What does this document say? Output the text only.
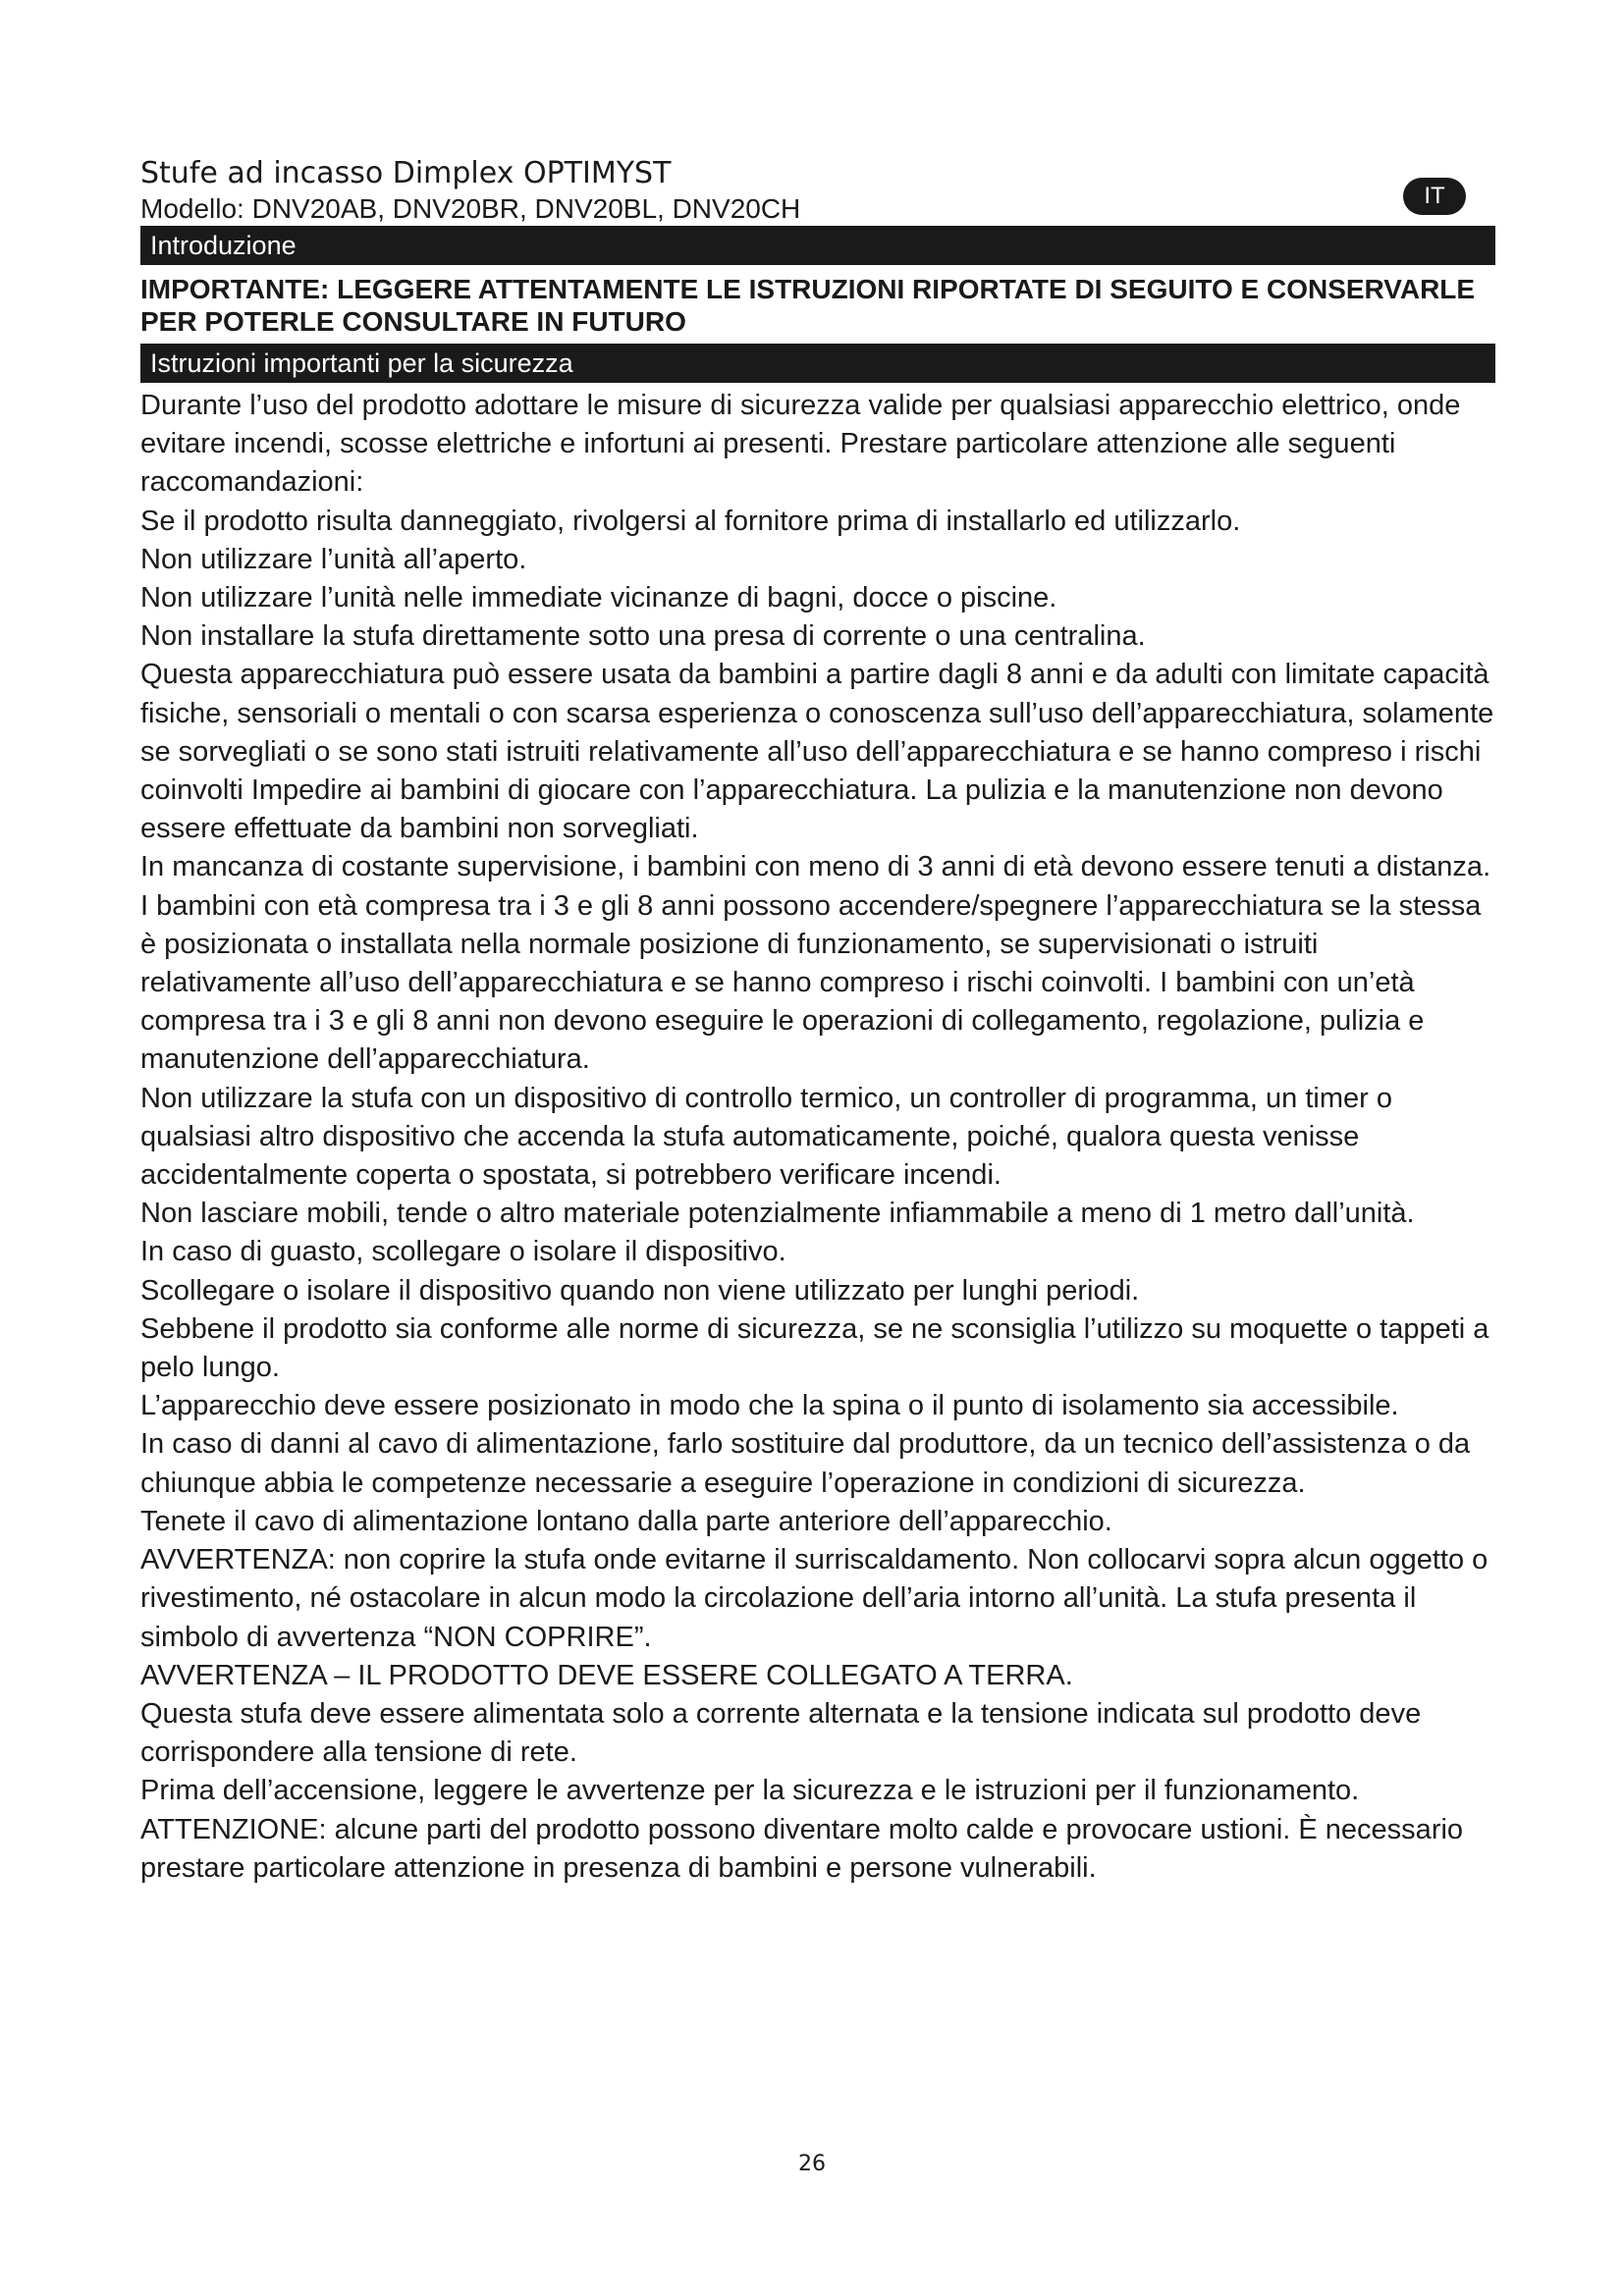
Stufe ad incasso Dimplex OPTIMYST
Modello: DNV20AB, DNV20BR, DNV20BL, DNV20CH	IT
Introduzione
IMPORTANTE: LEGGERE ATTENTAMENTE LE ISTRUZIONI RIPORTATE DI SEGUITO E CONSERVARLE PER POTERLE CONSULTARE IN FUTURO
Istruzioni importanti per la sicurezza

Durante l’uso del prodotto adottare le misure di sicurezza valide per qualsiasi apparecchio elettrico, onde evitare incendi, scosse elettriche e infortuni ai presenti. Prestare particolare attenzione alle seguenti raccomandazioni:

Se il prodotto risulta danneggiato, rivolgersi al fornitore prima di installarlo ed utilizzarlo.

Non utilizzare l’unità all’aperto.

Non utilizzare l’unità nelle immediate vicinanze di bagni, docce o piscine.

Non installare la stufa direttamente sotto una presa di corrente o una centralina.

Questa apparecchiatura può essere usata da bambini a partire dagli 8 anni e da adulti con limitate capacità fisiche, sensoriali o mentali o con scarsa esperienza o conoscenza sull’uso dell’apparecchiatura, solamente se sorvegliati o se sono stati istruiti relativamente all’uso dell’apparecchiatura e se hanno compreso i rischi coinvolti Impedire ai bambini di giocare con l’apparecchiatura. La pulizia e la manutenzione non devono essere effettuate da bambini non sorvegliati.

In mancanza di costante supervisione, i bambini con meno di 3 anni di età devono essere tenuti a distanza. I bambini con età compresa tra i 3 e gli 8 anni possono accendere/spegnere l’apparecchiatura se la stessa è posizionata o installata nella normale posizione di funzionamento, se supervisionati o istruiti relativamente all’uso dell’apparecchiatura e se hanno compreso i rischi coinvolti. I bambini con un’età compresa tra i 3 e gli 8 anni non devono eseguire le operazioni di collegamento, regolazione, pulizia e manutenzione dell’apparecchiatura.

Non utilizzare la stufa con un dispositivo di controllo termico, un controller di programma, un timer o qualsiasi altro dispositivo che accenda la stufa automaticamente, poiché, qualora questa venisse accidentalmente coperta o spostata, si potrebbero verificare incendi.

Non lasciare mobili, tende o altro materiale potenzialmente infiammabile a meno di 1 metro dall’unità.

In caso di guasto, scollegare o isolare il dispositivo.

Scollegare o isolare il dispositivo quando non viene utilizzato per lunghi periodi.

Sebbene il prodotto sia conforme alle norme di sicurezza, se ne sconsiglia l’utilizzo su moquette o tappeti a pelo lungo.

L’apparecchio deve essere posizionato in modo che la spina o il punto di isolamento sia accessibile.

In caso di danni al cavo di alimentazione, farlo sostituire dal produttore, da un tecnico dell’assistenza o da chiunque abbia le competenze necessarie a eseguire l’operazione in condizioni di sicurezza.

Tenete il cavo di alimentazione lontano dalla parte anteriore dell’apparecchio.

AVVERTENZA: non coprire la stufa onde evitarne il surriscaldamento. Non collocarvi sopra alcun oggetto o rivestimento, né ostacolare in alcun modo la circolazione dell’aria intorno all’unità. La stufa presenta il simbolo di avvertenza “NON COPRIRE”.

AVVERTENZA – IL PRODOTTO DEVE ESSERE COLLEGATO A TERRA.

Questa stufa deve essere alimentata solo a corrente alternata e la tensione indicata sul prodotto deve corrispondere alla tensione di rete.

Prima dell’accensione, leggere le avvertenze per la sicurezza e le istruzioni per il funzionamento.

ATTENZIONE: alcune parti del prodotto possono diventare molto calde e provocare ustioni. È necessario prestare particolare attenzione in presenza di bambini e persone vulnerabili.

26
